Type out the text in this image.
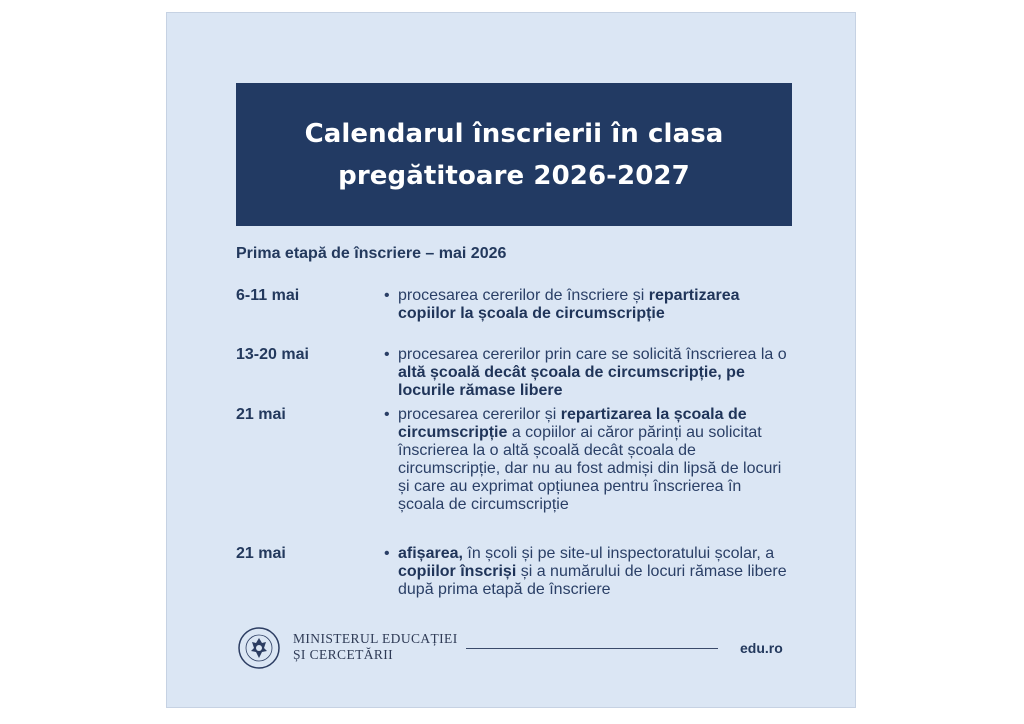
Calendarul înscrierii în clasa
pregătitoare 2026-2027
Prima etapă de înscriere – mai 2026
6-11 mai	• procesarea cererilor de înscriere și repartizarea copiilor la școala de circumscripție
13-20 mai	• procesarea cererilor prin care se solicită înscrierea la o altă școală decât școala de circumscripție, pe locurile rămase libere
21 mai	• procesarea cererilor și repartizarea la școala de circumscripție a copiilor ai căror părinți au solicitat înscrierea la o altă școală decât școala de circumscripție, dar nu au fost admiși din lipsă de locuri și care au exprimat opțiunea pentru înscrierea în școala de circumscripție
21 mai	• afișarea, în școli și pe site-ul inspectoratului școlar, a copiilor înscriși și a numărului de locuri rămase libere după prima etapă de înscriere
MINISTERUL EDUCAȚIEI
ȘI CERCETĂRII	edu.ro
